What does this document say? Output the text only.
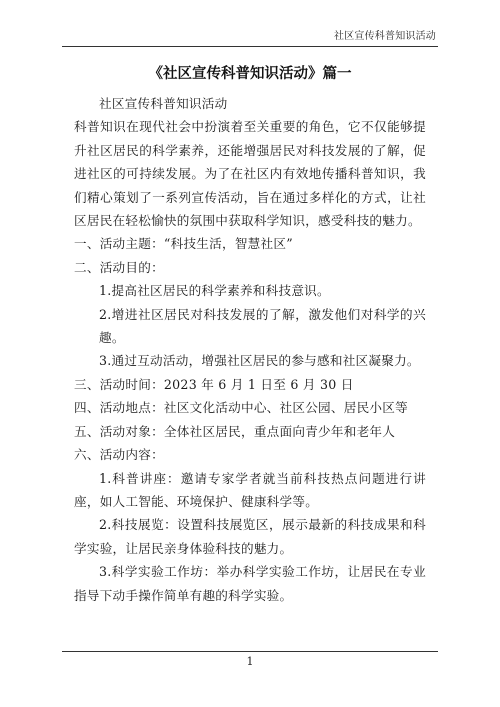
社区宣传科普知识活动
《社区宣传科普知识活动》篇一

社区宣传科普知识活动

科普知识在现代社会中扮演着至关重要的角色，它不仅能够提升社区居民的科学素养，还能增强居民对科技发展的了解，促进社区的可持续发展。为了在社区内有效地传播科普知识，我们精心策划了一系列宣传活动，旨在通过多样化的方式，让社区居民在轻松愉快的氛围中获取科学知识，感受科技的魅力。

一、活动主题：“科技生活，智慧社区”

二、活动目的：

1.提高社区居民的科学素养和科技意识。

2.增进社区居民对科技发展的了解，激发他们对科学的兴趣。

3.通过互动活动，增强社区居民的参与感和社区凝聚力。

三、活动时间：2023 年 6 月 1 日至 6 月 30 日

四、活动地点：社区文化活动中心、社区公园、居民小区等

五、活动对象：全体社区居民，重点面向青少年和老年人

六、活动内容：

1.科普讲座：邀请专家学者就当前科技热点问题进行讲座，如人工智能、环境保护、健康科学等。

2.科技展览：设置科技展览区，展示最新的科技成果和科学实验，让居民亲身体验科技的魅力。

3.科学实验工作坊：举办科学实验工作坊，让居民在专业指导下动手操作简单有趣的科学实验。

1
